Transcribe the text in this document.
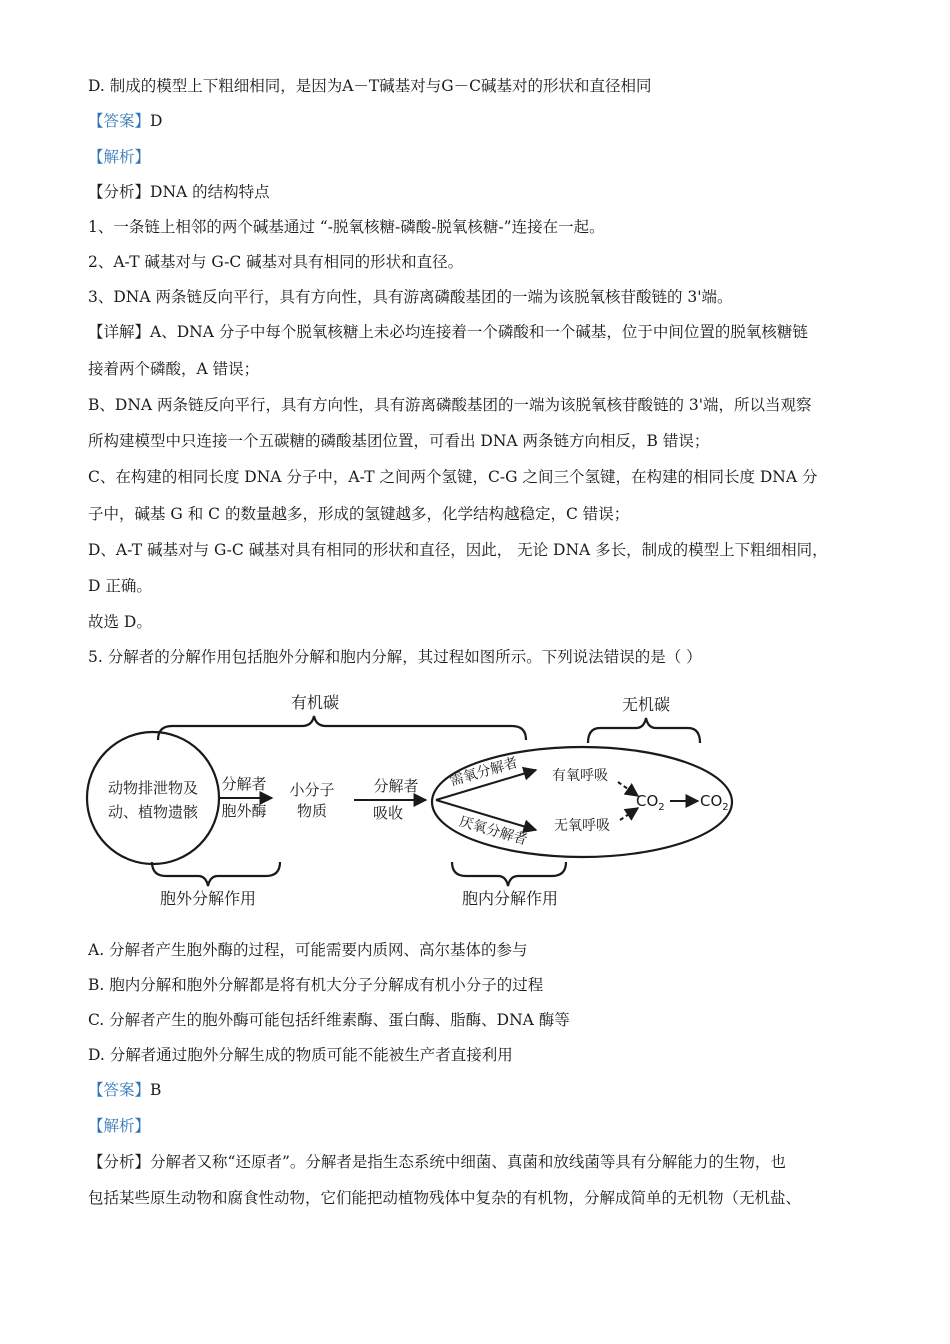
D. 制成的模型上下粗细相同，是因为A－T碱基对与G－C碱基对的形状和直径相同
【答案】D
【解析】
【分析】DNA 的结构特点
1、一条链上相邻的两个碱基通过 “-脱氧核糖-磷酸-脱氧核糖-”连接在一起。
2、A-T 碱基对与 G-C 碱基对具有相同的形状和直径。
3、DNA 两条链反向平行，具有方向性，具有游离磷酸基团的一端为该脱氧核苷酸链的 3'端。
【详解】A、DNA 分子中每个脱氧核糖上未必均连接着一个磷酸和一个碱基，位于中间位置的脱氧核糖链
接着两个磷酸，A 错误；
B、DNA 两条链反向平行，具有方向性，具有游离磷酸基团的一端为该脱氧核苷酸链的 3'端，所以当观察
所构建模型中只连接一个五碳糖的磷酸基团位置，可看出 DNA 两条链方向相反，B 错误；
C、在构建的相同长度 DNA 分子中，A-T 之间两个氢键，C-G 之间三个氢键，在构建的相同长度 DNA 分
子中，碱基 G 和 C 的数量越多，形成的氢键越多，化学结构越稳定，C 错误；
D、A-T 碱基对与 G-C 碱基对具有相同的形状和直径，因此， 无论 DNA 多长，制成的模型上下粗细相同，
D 正确。
故选 D。
5. 分解者的分解作用包括胞外分解和胞内分解，其过程如图所示。下列说法错误的是（ ）
有机碳	无机碳
动物排泄物及
动、植物遗骸
分解者
胞外酶
小分子
物质
分解者
吸收
需氧分解者
厌氧分解者
有氧呼吸
无氧呼吸
$CO_2$ $CO_2$
胞外分解作用	胞内分解作用
A. 分解者产生胞外酶的过程，可能需要内质网、高尔基体的参与
B. 胞内分解和胞外分解都是将有机大分子分解成有机小分子的过程
C. 分解者产生的胞外酶可能包括纤维素酶、蛋白酶、脂酶、DNA 酶等
D. 分解者通过胞外分解生成的物质可能不能被生产者直接利用
【答案】B
【解析】
【分析】分解者又称“还原者”。分解者是指生态系统中细菌、真菌和放线菌等具有分解能力的生物，也
包括某些原生动物和腐食性动物，它们能把动植物残体中复杂的有机物，分解成简单的无机物（无机盐、
